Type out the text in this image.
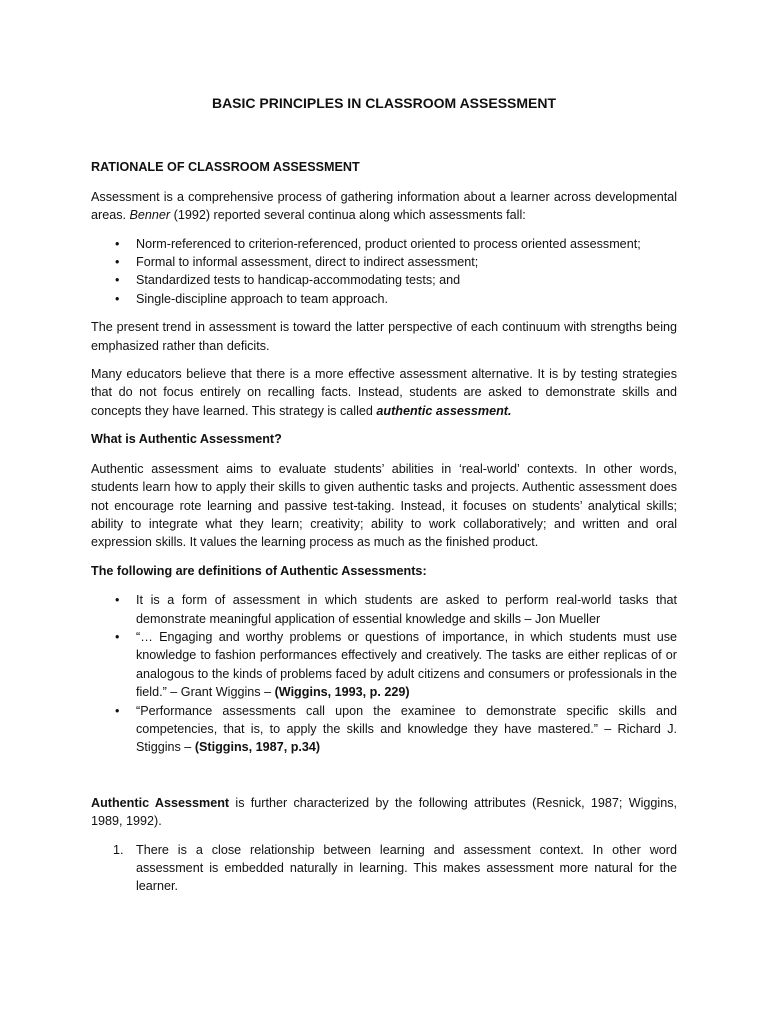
BASIC PRINCIPLES IN CLASSROOM ASSESSMENT
RATIONALE OF CLASSROOM ASSESSMENT

Assessment is a comprehensive process of gathering information about a learner across developmental areas. Benner (1992) reported several continua along which assessments fall:

• Norm-referenced to criterion-referenced, product oriented to process oriented assessment;
• Formal to informal assessment, direct to indirect assessment;
• Standardized tests to handicap-accommodating tests; and
• Single-discipline approach to team approach.

The present trend in assessment is toward the latter perspective of each continuum with strengths being emphasized rather than deficits.

Many educators believe that there is a more effective assessment alternative. It is by testing strategies that do not focus entirely on recalling facts. Instead, students are asked to demonstrate skills and concepts they have learned. This strategy is called authentic assessment.

What is Authentic Assessment?

Authentic assessment aims to evaluate students’ abilities in ‘real-world’ contexts. In other words, students learn how to apply their skills to given authentic tasks and projects. Authentic assessment does not encourage rote learning and passive test-taking. Instead, it focuses on students’ analytical skills; ability to integrate what they learn; creativity; ability to work collaboratively; and written and oral expression skills. It values the learning process as much as the finished product.

The following are definitions of Authentic Assessments:
• It is a form of assessment in which students are asked to perform real-world tasks that demonstrate meaningful application of essential knowledge and skills – Jon Mueller
• “… Engaging and worthy problems or questions of importance, in which students must use knowledge to fashion performances effectively and creatively. The tasks are either replicas of or analogous to the kinds of problems faced by adult citizens and consumers or professionals in the field.” – Grant Wiggins – (Wiggins, 1993, p. 229)
• “Performance assessments call upon the examinee to demonstrate specific skills and competencies, that is, to apply the skills and knowledge they have mastered.” – Richard J. Stiggins – (Stiggins, 1987, p.34)

Authentic Assessment is further characterized by the following attributes (Resnick, 1987; Wiggins, 1989, 1992).

1. There is a close relationship between learning and assessment context. In other word assessment is embedded naturally in learning. This makes assessment more natural for the learner.
